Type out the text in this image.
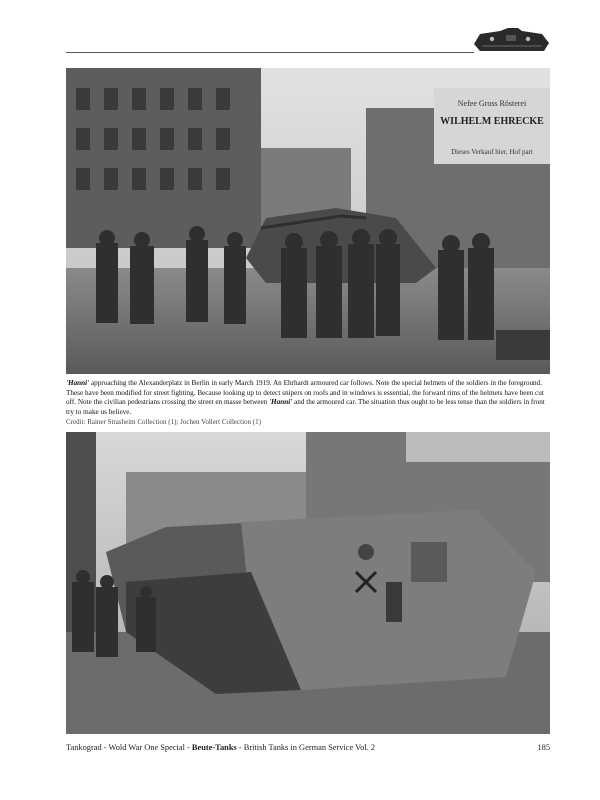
Nefee Gross Rösterei
WILHELM EHRECKE
Dieses Verkauf hier, Hof part
'Hanni' approaching the Alexanderplatz in Berlin in early March 1919. An Ehrhardt armoured car follows. Note the special helmets of the soldiers in the foreground. These have been modified for street fighting. Because looking up to detect snipers on roofs and in windows is essential, the forward rims of the helmets have been cut off. Note the civilian pedestrians crossing the street en masse between 'Hanni' and the armoured car. The situation thus ought to be less tense than the soldiers in front try to make us believe.
Credit: Rainer Strasheim Collection (1); Jochen Vollert Collection (1)
Tankograd - Wold War One Special - Beute-Tanks - British Tanks in German Service Vol. 2	185
